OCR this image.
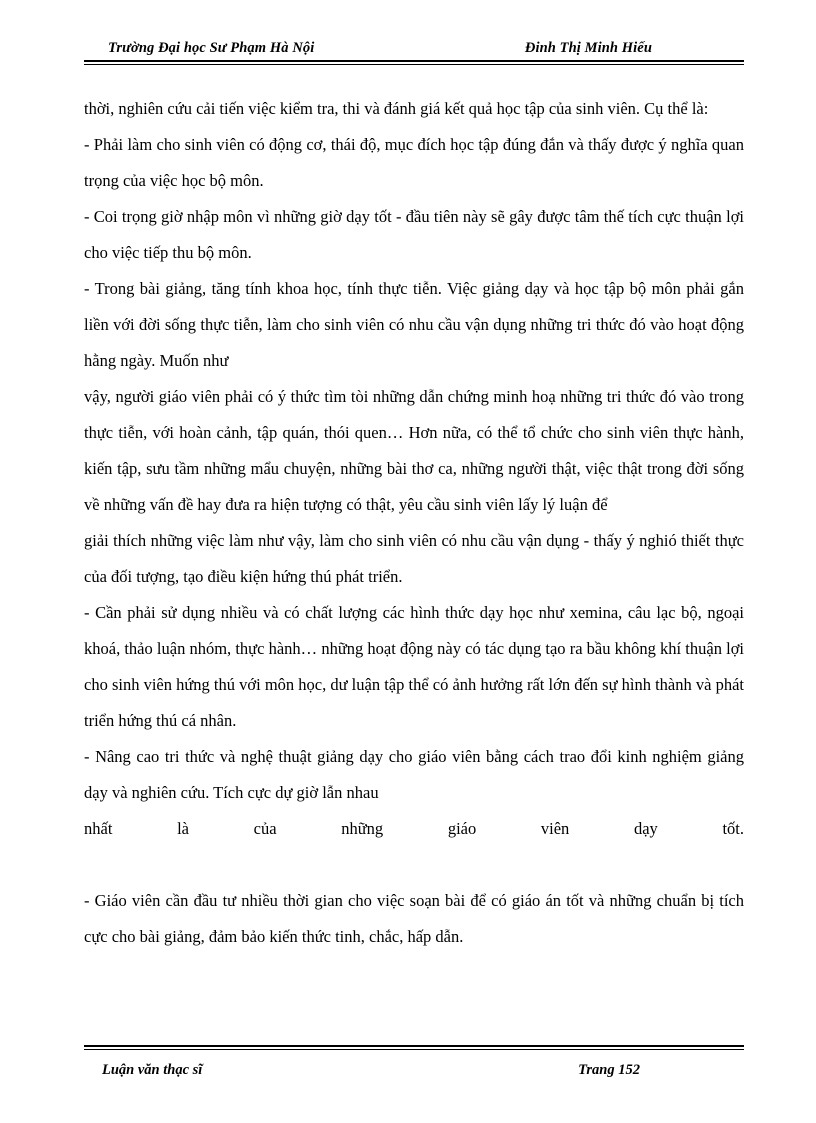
Trường Đại học Sư Phạm Hà Nội	Đinh Thị Minh Hiếu

thời, nghiên cứu cải tiến việc kiểm tra, thi và đánh giá kết quả học tập của sinh viên. Cụ thể là:

- Phải làm cho sinh viên có động cơ, thái độ, mục đích học tập đúng đắn và thấy được ý nghĩa quan trọng của việc học bộ môn.

- Coi trọng giờ nhập môn vì những giờ dạy tốt - đầu tiên này sẽ gây được tâm thế tích cực thuận lợi cho việc tiếp thu bộ môn.

- Trong bài giảng, tăng tính khoa học, tính thực tiễn. Việc giảng dạy và học tập bộ môn phải gắn liền với đời sống thực tiễn, làm cho sinh viên có nhu cầu vận dụng những tri thức đó vào hoạt động hằng ngày. Muốn như

vậy, người giáo viên phải có ý thức tìm tòi những dẫn chứng minh hoạ những tri thức đó vào trong thực tiễn, với hoàn cảnh, tập quán, thói quen… Hơn nữa, có thể tổ chức cho sinh viên thực hành, kiến tập, sưu tầm những mẩu chuyện, những bài thơ ca, những người thật, việc thật trong đời sống về những vấn đề hay đưa ra hiện tượng có thật, yêu cầu sinh viên lấy lý luận để

giải thích những việc làm như vậy, làm cho sinh viên có nhu cầu vận dụng - thấy ý nghió thiết thực của đối tượng, tạo điều kiện hứng thú phát triển.

- Cần phải sử dụng nhiều và có chất lượng các hình thức dạy học như xemina, câu lạc bộ, ngoại khoá, thảo luận nhóm, thực hành… những hoạt động này có tác dụng tạo ra bầu không khí thuận lợi cho sinh viên hứng thú với môn học, dư luận tập thể có ảnh hưởng rất lớn đến sự hình thành và phát triển hứng thú cá nhân.

- Nâng cao tri thức và nghệ thuật giảng dạy cho giáo viên bằng cách trao đổi kinh nghiệm giảng dạy và nghiên cứu. Tích cực dự giờ lẫn nhau

nhất là của những giáo viên dạy tốt.

- Giáo viên cần đầu tư nhiều thời gian cho việc soạn bài để có giáo án tốt và những chuẩn bị tích cực cho bài giảng, đảm bảo kiến thức tinh, chắc, hấp dẫn.

Luận văn thạc sĩ	Trang 152
